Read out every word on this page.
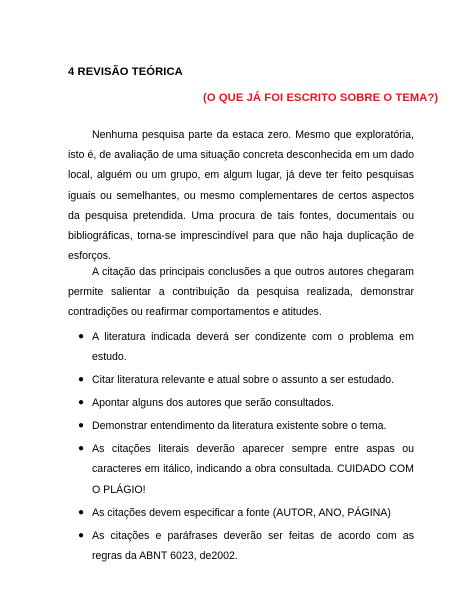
4 REVISÃO TEÓRICA
(O QUE JÁ FOI ESCRITO SOBRE O TEMA?)

Nenhuma pesquisa parte da estaca zero. Mesmo que exploratória, isto é, de avaliação de uma situação concreta desconhecida em um dado local, alguém ou um grupo, em algum lugar, já deve ter feito pesquisas iguais ou semelhantes, ou mesmo complementares de certos aspectos da pesquisa pretendida. Uma procura de tais fontes, documentais ou bibliográficas, torna-se imprescindível para que não haja duplicação de esforços.

A citação das principais conclusões a que outros autores chegaram permite salientar a contribuição da pesquisa realizada, demonstrar contradições ou reafirmar comportamentos e atitudes.

● A literatura indicada deverá ser condizente com o problema em estudo.
● Citar literatura relevante e atual sobre o assunto a ser estudado.
● Apontar alguns dos autores que serão consultados.
● Demonstrar entendimento da literatura existente sobre o tema.
● As citações literais deverão aparecer sempre entre aspas ou caracteres em itálico, indicando a obra consultada. CUIDADO COM O PLÁGIO!
● As citações devem especificar a fonte (AUTOR, ANO, PÁGINA)
● As citações e paráfrases deverão ser feitas de acordo com as regras da ABNT 6023, de2002.
